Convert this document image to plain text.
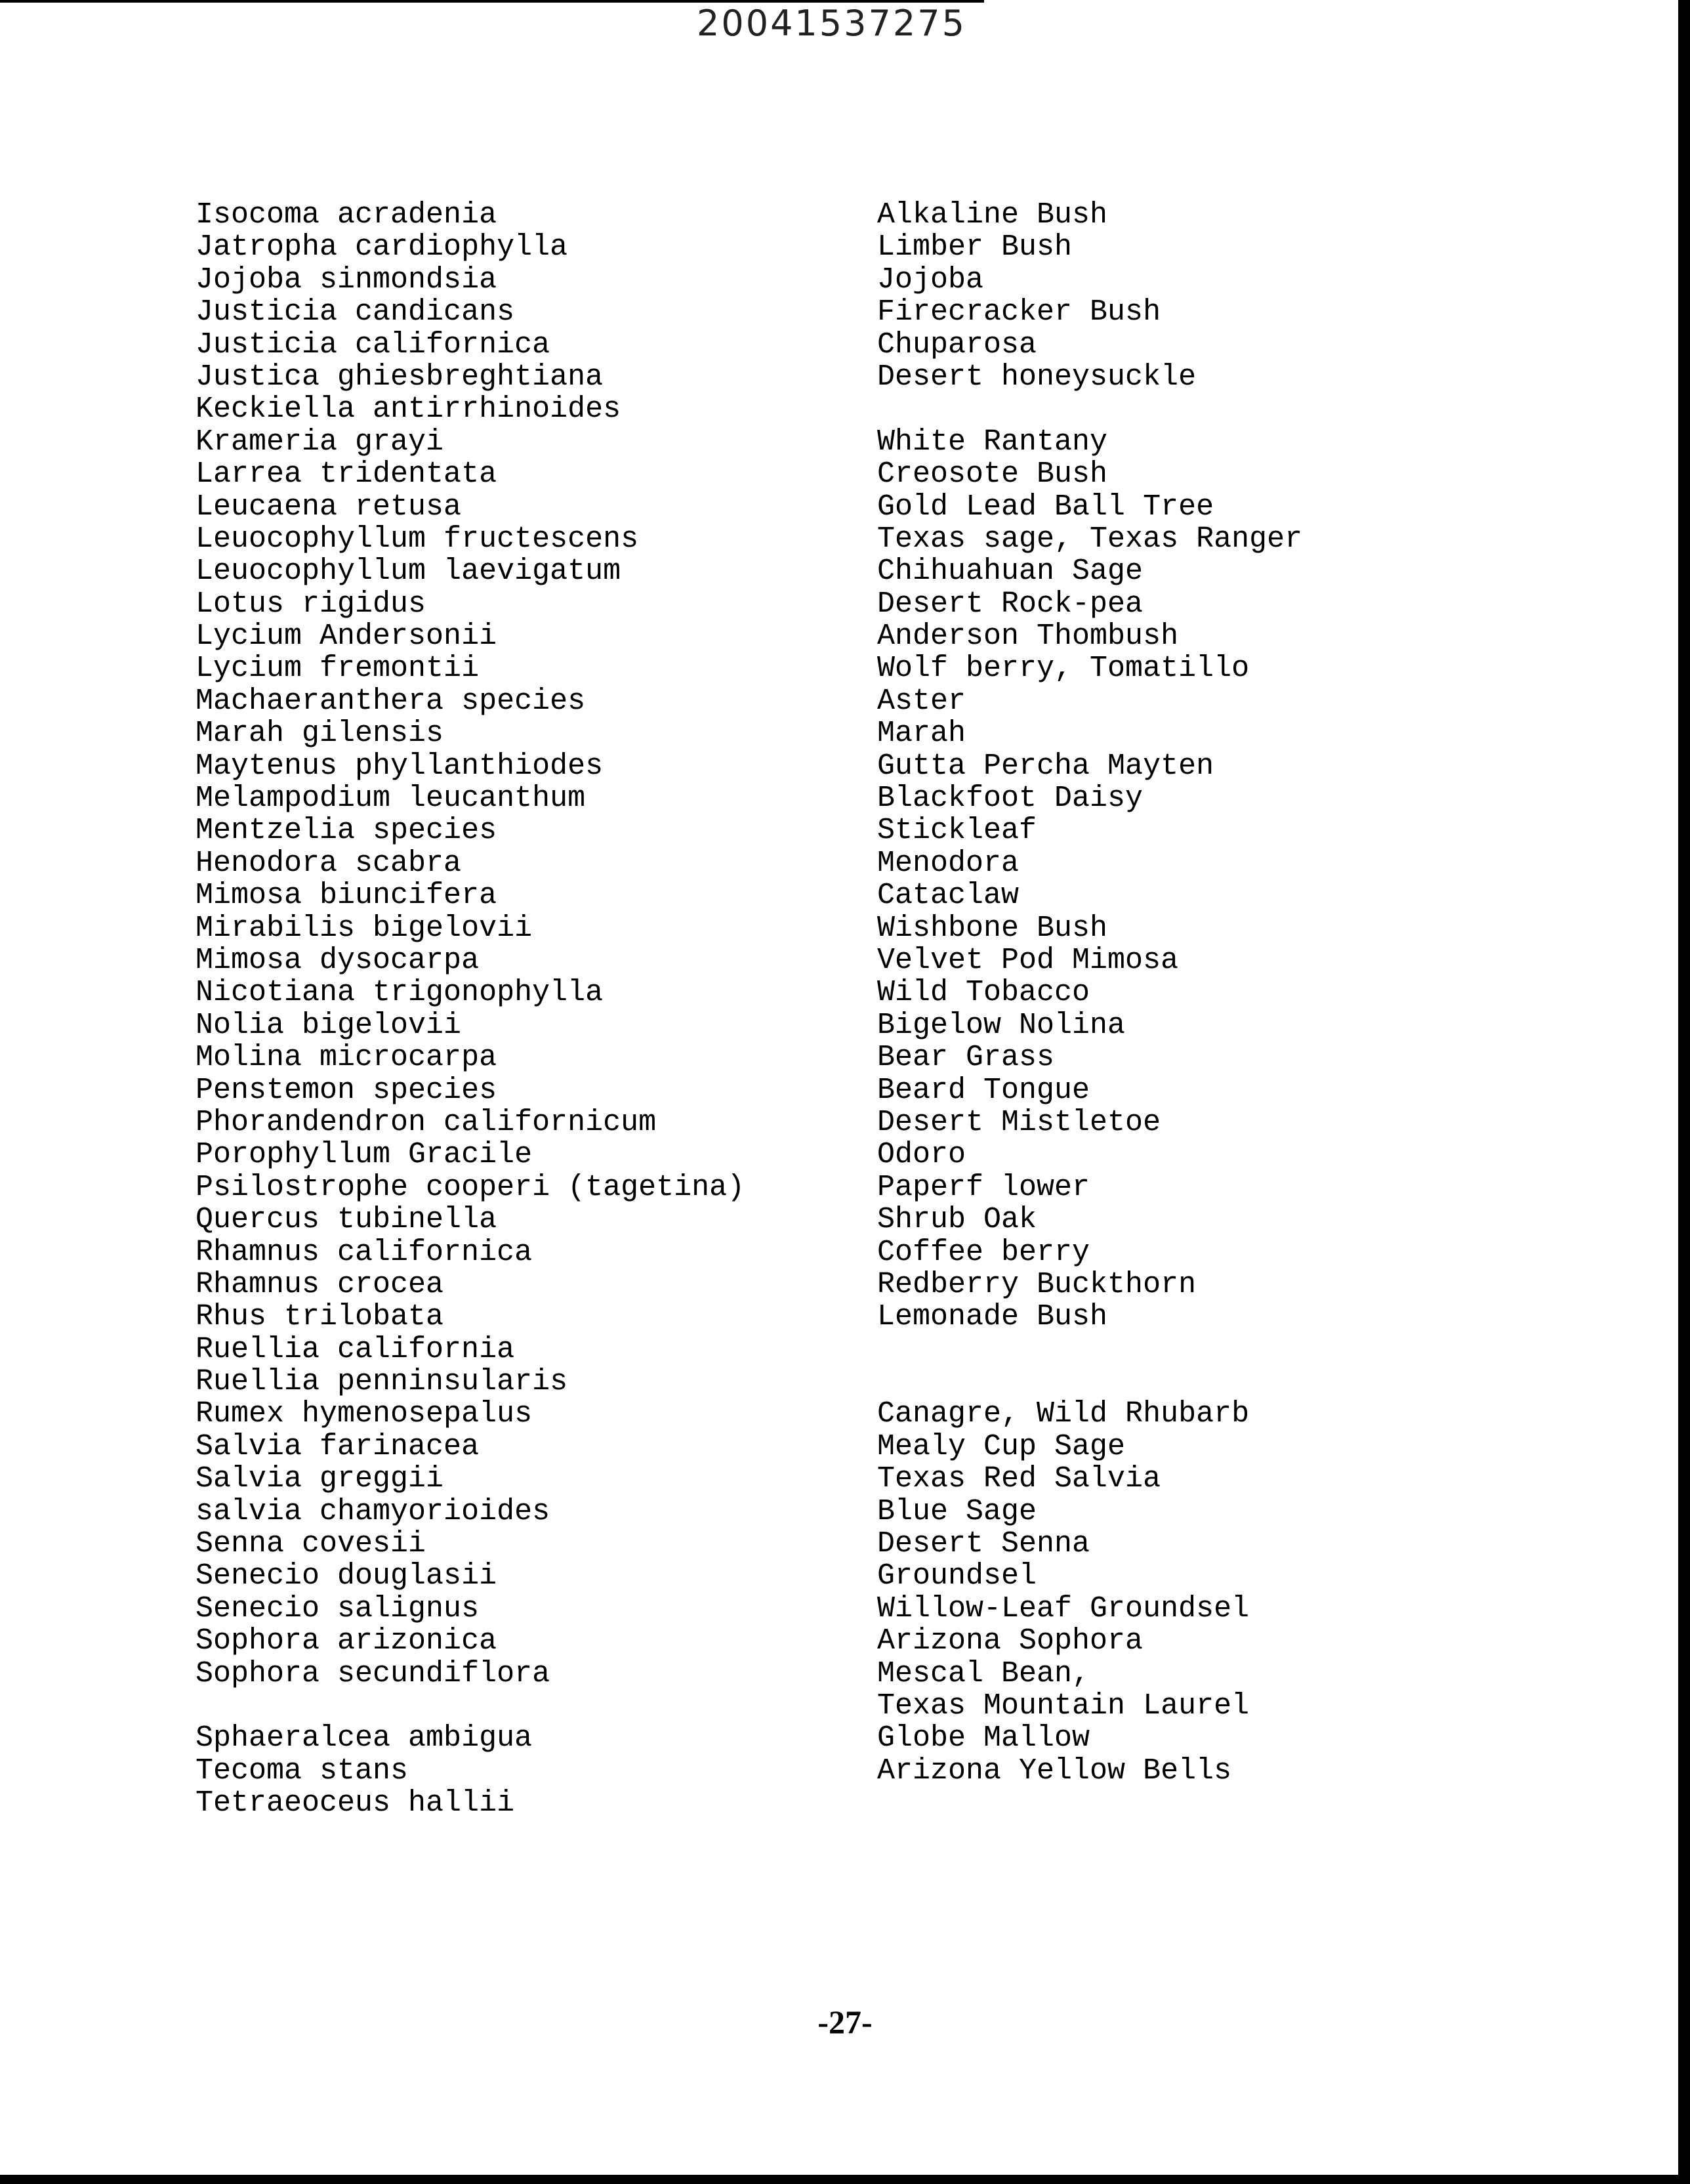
20041537275
Isocoma acradenia
Jatropha cardiophylla
Jojoba sinmondsia
Justicia candicans
Justicia californica
Justica ghiesbreghtiana
Keckiella antirrhinoides
Krameria grayi
Larrea tridentata
Leucaena retusa
Leuocophyllum fructescens
Leuocophyllum laevigatum
Lotus rigidus
Lycium Andersonii
Lycium fremontii
Machaeranthera species
Marah gilensis
Maytenus phyllanthiodes
Melampodium leucanthum
Mentzelia species
Henodora scabra
Mimosa biuncifera
Mirabilis bigelovii
Mimosa dysocarpa
Nicotiana trigonophylla
Nolia bigelovii
Molina microcarpa
Penstemon species
Phorandendron californicum
Porophyllum Gracile
Psilostrophe cooperi (tagetina)
Quercus tubinella
Rhamnus californica
Rhamnus crocea
Rhus trilobata
Ruellia california
Ruellia penninsularis
Rumex hymenosepalus
Salvia farinacea
Salvia greggii
salvia chamyorioides
Senna covesii
Senecio douglasii
Senecio salignus
Sophora arizonica
Sophora secundiflora
Sphaeralcea ambigua
Tecoma stans
Tetraeoceus hallii
Alkaline Bush
Limber Bush
Jojoba
Firecracker Bush
Chuparosa
Desert honeysuckle
White Rantany
Creosote Bush
Gold Lead Ball Tree
Texas sage, Texas Ranger
Chihuahuan Sage
Desert Rock-pea
Anderson Thombush
Wolf berry, Tomatillo
Aster
Marah
Gutta Percha Mayten
Blackfoot Daisy
Stickleaf
Menodora
Cataclaw
Wishbone Bush
Velvet Pod Mimosa
Wild Tobacco
Bigelow Nolina
Bear Grass
Beard Tongue
Desert Mistletoe
Odoro
Paperf lower
Shrub Oak
Coffee berry
Redberry Buckthorn
Lemonade Bush
Canagre, Wild Rhubarb
Mealy Cup Sage
Texas Red Salvia
Blue Sage
Desert Senna
Groundsel
Willow-Leaf Groundsel
Arizona Sophora
Mescal Bean,
Texas Mountain Laurel
Globe Mallow
Arizona Yellow Bells
-27-
